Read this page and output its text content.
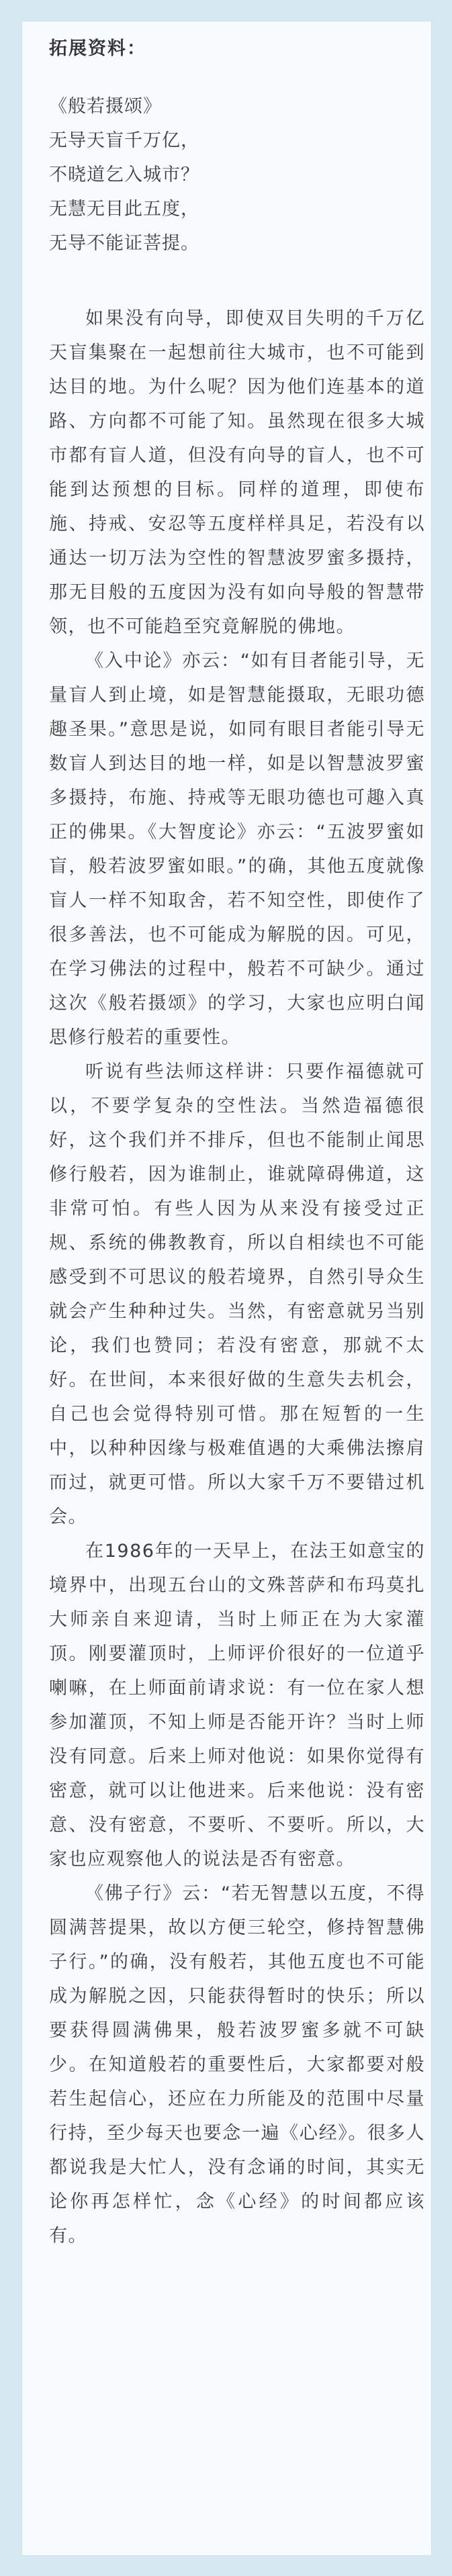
拓展资料：
《般若摄颂》
无导天盲千万亿，
不晓道乞入城市？
无慧无目此五度，
无导不能证菩提。

如果没有向导，即使双目失明的千万亿天盲集聚在一起想前往大城市，也不可能到达目的地。为什么呢？因为他们连基本的道路、方向都不可能了知。虽然现在很多大城市都有盲人道，但没有向导的盲人，也不可能到达预想的目标。同样的道理，即使布施、持戒、安忍等五度样样具足，若没有以通达一切万法为空性的智慧波罗蜜多摄持，那无目般的五度因为没有如向导般的智慧带领，也不可能趋至究竟解脱的佛地。

《入中论》亦云：“如有目者能引导，无量盲人到止境，如是智慧能摄取，无眼功德趣圣果。”意思是说，如同有眼目者能引导无数盲人到达目的地一样，如是以智慧波罗蜜多摄持，布施、持戒等无眼功德也可趣入真正的佛果。《大智度论》亦云：“五波罗蜜如盲，般若波罗蜜如眼。”的确，其他五度就像盲人一样不知取舍，若不知空性，即使作了很多善法，也不可能成为解脱的因。可见，在学习佛法的过程中，般若不可缺少。通过这次《般若摄颂》的学习，大家也应明白闻思修行般若的重要性。

听说有些法师这样讲：只要作福德就可以，不要学复杂的空性法。当然造福德很好，这个我们并不排斥，但也不能制止闻思修行般若，因为谁制止，谁就障碍佛道，这非常可怕。有些人因为从来没有接受过正规、系统的佛教教育，所以自相续也不可能感受到不可思议的般若境界，自然引导众生就会产生种种过失。当然，有密意就另当别论，我们也赞同；若没有密意，那就不太好。在世间，本来很好做的生意失去机会，自己也会觉得特别可惜。那在短暂的一生中，以种种因缘与极难值遇的大乘佛法擦肩而过，就更可惜。所以大家千万不要错过机会。

在1986年的一天早上，在法王如意宝的境界中，出现五台山的文殊菩萨和布玛莫扎大师亲自来迎请，当时上师正在为大家灌顶。刚要灌顶时，上师评价很好的一位道乎喇嘛，在上师面前请求说：有一位在家人想参加灌顶，不知上师是否能开许？当时上师没有同意。后来上师对他说：如果你觉得有密意，就可以让他进来。后来他说：没有密意、没有密意，不要听、不要听。所以，大家也应观察他人的说法是否有密意。

《佛子行》云：“若无智慧以五度，不得圆满菩提果，故以方便三轮空，修持智慧佛子行。”的确，没有般若，其他五度也不可能成为解脱之因，只能获得暂时的快乐；所以要获得圆满佛果，般若波罗蜜多就不可缺少。在知道般若的重要性后，大家都要对般若生起信心，还应在力所能及的范围中尽量行持，至少每天也要念一遍《心经》。很多人都说我是大忙人，没有念诵的时间，其实无论你再怎样忙，念《心经》的时间都应该有。
